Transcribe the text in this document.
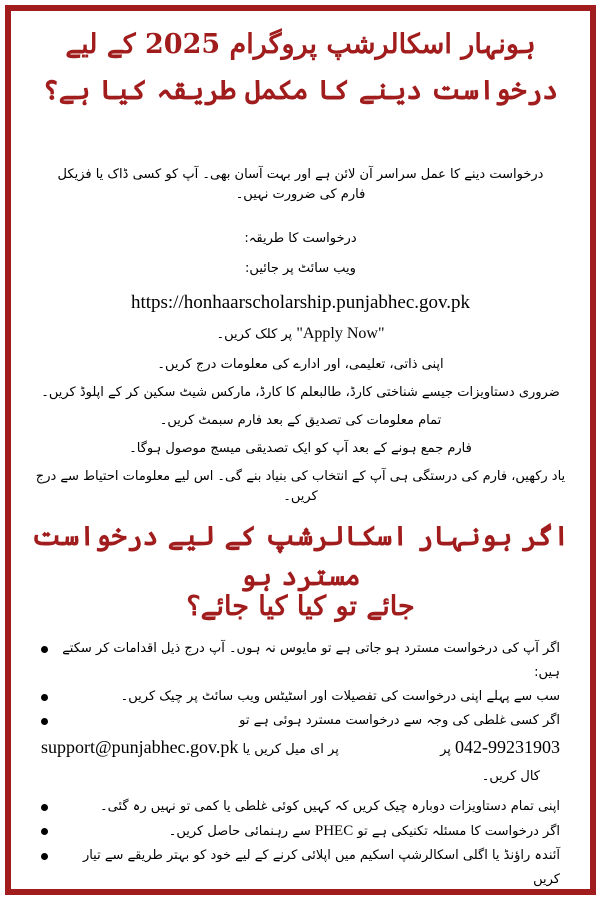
ہونہار اسکالرشپ پروگرام 2025 کے لیے
درخواست دینے کا مکمل طریقہ کیا ہے؟
درخواست دینے کا عمل سراسر آن لائن ہے اور بہت آسان بھی۔ آپ کو کسی ڈاک یا فزیکل فارم کی ضرورت نہیں۔
درخواست کا طریقہ:
ویب سائٹ پر جائیں:
https://honhaarscholarship.punjabhec.gov.pk
"Apply Now" پر کلک کریں۔
اپنی ذاتی، تعلیمی، اور ادارے کی معلومات درج کریں۔
ضروری دستاویزات جیسے شناختی کارڈ، طالبعلم کا کارڈ، مارکس شیٹ سکین کر کے اپلوڈ کریں۔
تمام معلومات کی تصدیق کے بعد فارم سبمٹ کریں۔
فارم جمع ہونے کے بعد آپ کو ایک تصدیقی میسج موصول ہوگا۔
یاد رکھیں، فارم کی درستگی ہی آپ کے انتخاب کی بنیاد بنے گی۔ اس لیے معلومات احتیاط سے درج کریں۔
اگر ہونہار اسکالرشپ کے لیے درخواست مسترد ہو
جائے تو کیا کیا جائے؟
اگر آپ کی درخواست مسترد ہو جاتی ہے تو مایوس نہ ہوں۔ آپ درج ذیل اقدامات کر سکتے ہیں:
سب سے پہلے اپنی درخواست کی تفصیلات اور اسٹیٹس ویب سائٹ پر چیک کریں۔
اگر کسی غلطی کی وجہ سے درخواست مسترد ہوئی ہے تو
042-99231903 پر
support@punjabhec.gov.pk پر ای میل کریں یا
کال کریں۔
اپنی تمام دستاویزات دوبارہ چیک کریں کہ کہیں کوئی غلطی یا کمی تو نہیں رہ گئی۔
اگر درخواست کا مسئلہ تکنیکی ہے تو PHEC سے رہنمائی حاصل کریں۔
آئندہ راؤنڈ یا اگلی اسکالرشپ اسکیم میں اپلائی کرنے کے لیے خود کو بہتر طریقے سے تیار کریں
